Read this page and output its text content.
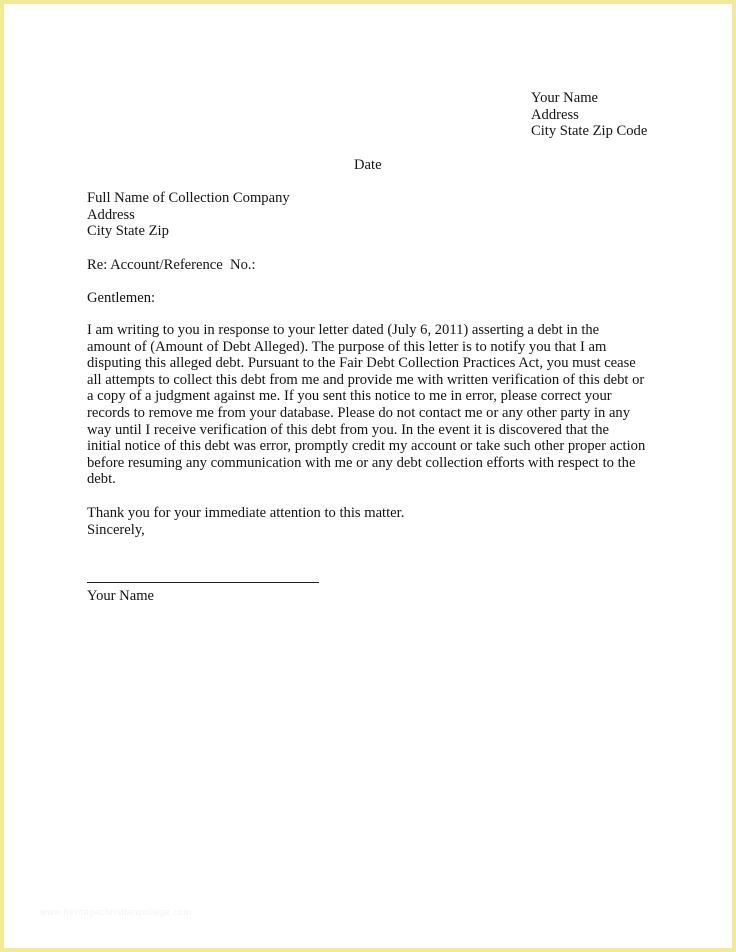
Your Name
Address
City State Zip Code
Date
Full Name of Collection Company
Address
City State Zip
Re: Account/Reference  No.:
Gentlemen:
I am writing to you in response to your letter dated (July 6, 2011) asserting a debt in the
amount of (Amount of Debt Alleged). The purpose of this letter is to notify you that I am
disputing this alleged debt. Pursuant to the Fair Debt Collection Practices Act, you must cease
all attempts to collect this debt from me and provide me with written verification of this debt or
a copy of a judgment against me. If you sent this notice to me in error, please correct your
records to remove me from your database. Please do not contact me or any other party in any
way until I receive verification of this debt from you. In the event it is discovered that the
initial notice of this debt was error, promptly credit my account or take such other proper action
before resuming any communication with me or any debt collection efforts with respect to the
debt.
Thank you for your immediate attention to this matter.
Sincerely,
Your Name
www.heritagechristiancollege.com
